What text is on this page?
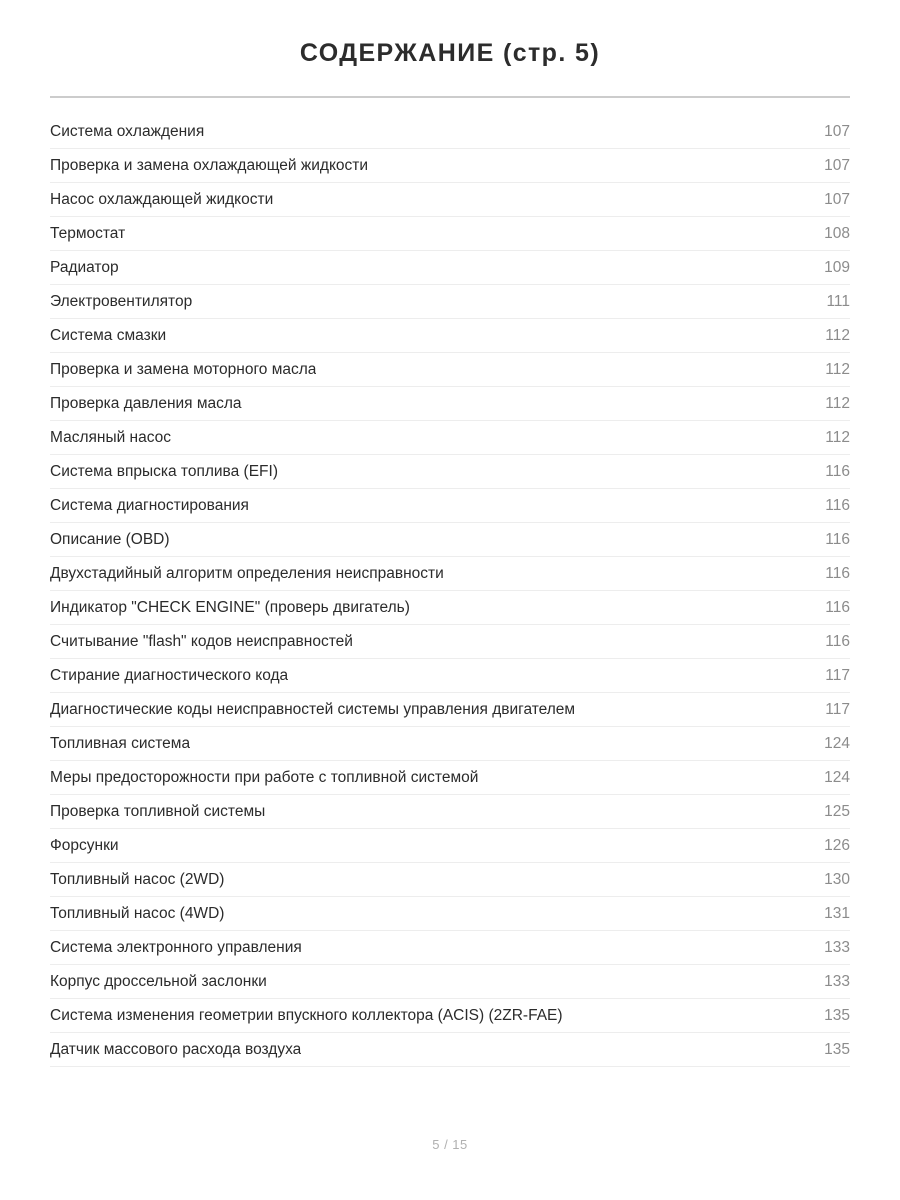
СОДЕРЖАНИЕ (стр. 5)
Система охлаждения	107
Проверка и замена охлаждающей жидкости	107
Насос охлаждающей жидкости	107
Термостат	108
Радиатор	109
Электровентилятор	111
Система смазки	112
Проверка и замена моторного масла	112
Проверка давления масла	112
Масляный насос	112
Система впрыска топлива (EFI)	116
Система диагностирования	116
Описание (OBD)	116
Двухстадийный алгоритм определения неисправности	116
Индикатор "CHECK ENGINE" (проверь двигатель)	116
Считывание "flash" кодов неисправностей	116
Стирание диагностического кода	117
Диагностические коды неисправностей системы управления двигателем	117
Топливная система	124
Меры предосторожности при работе с топливной системой	124
Проверка топливной системы	125
Форсунки	126
Топливный насос (2WD)	130
Топливный насос (4WD)	131
Система электронного управления	133
Корпус дроссельной заслонки	133
Система изменения геометрии впускного коллектора (ACIS) (2ZR-FAE)	135
Датчик массового расхода воздуха	135
5 / 15
